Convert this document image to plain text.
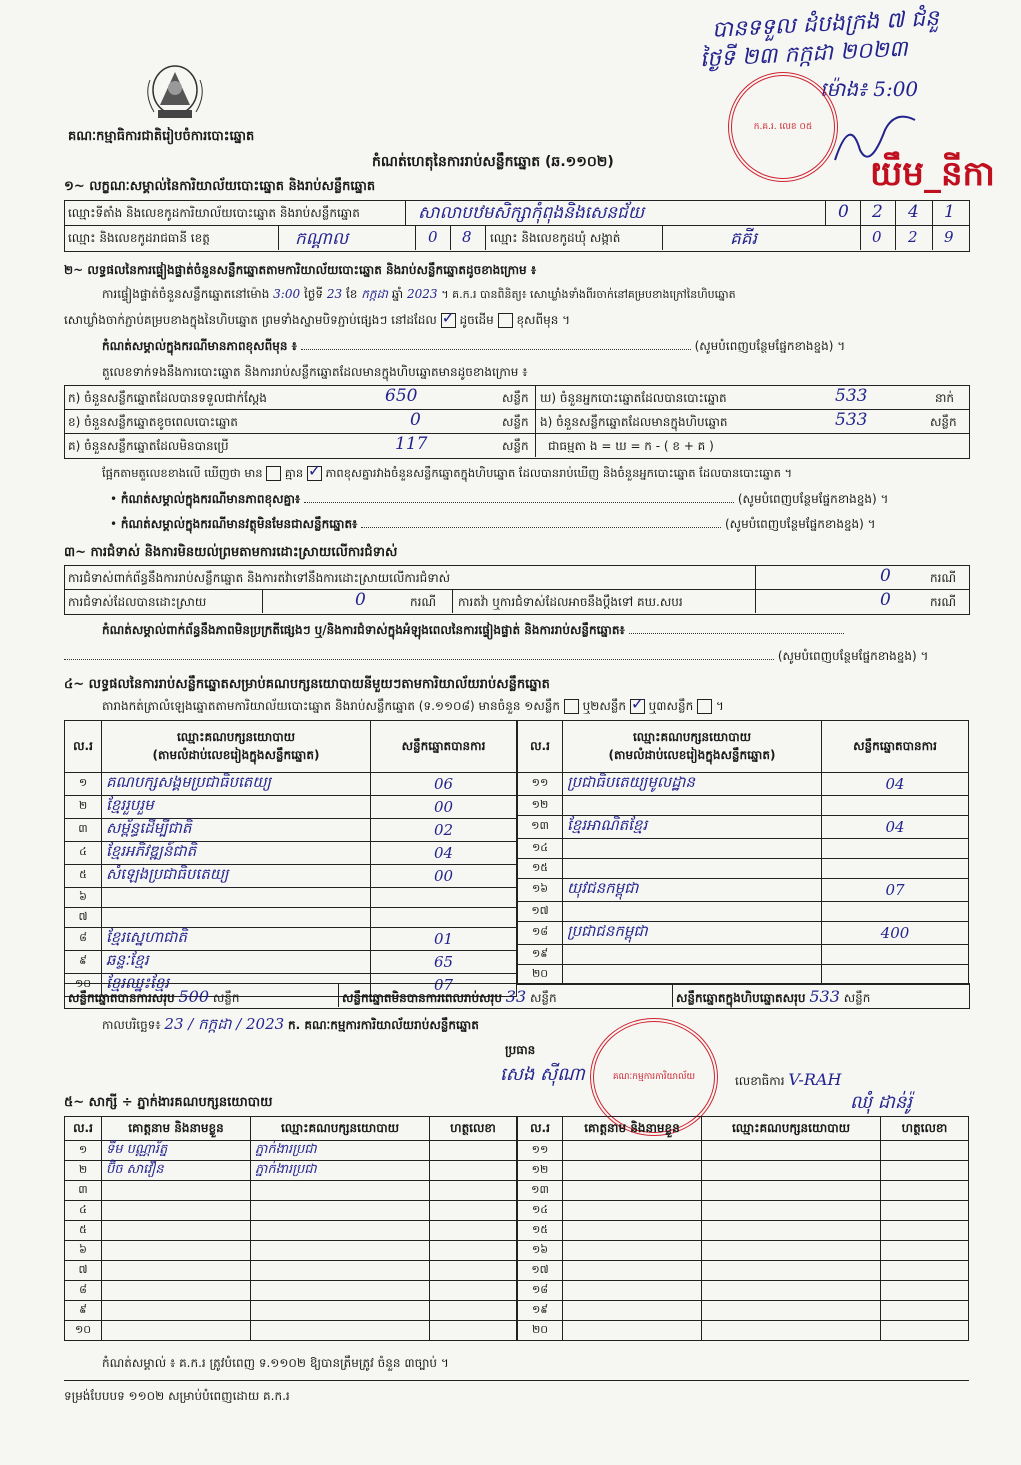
គណៈកម្មាធិការជាតិរៀបចំការបោះឆ្នោត
កំណត់ហេតុនៃការរាប់សន្លឹកឆ្នោត (ឆ.១១០២)
បានទទួល ដំបងក្រង ៧ ជំនួ
ថ្ងៃទី ២៣ កក្កដា ២០២៣
ម៉ោង៖ 5:00
ក.គ.រ. លេខ ០៥
យឹម_នីកា
១~ លក្ខណៈសម្គាល់នៃការិយាល័យបោះឆ្នោត និងរាប់សន្លឹកឆ្នោត
ឈ្មោះទីតាំង និងលេខកូដការិយាល័យបោះឆ្នោត និងរាប់សន្លឹកឆ្នោត	សាលាបឋមសិក្សាកុំពុងនិងសេនជ័យ	0 2 4 1
ឈ្មោះ និងលេខកូដរាជធានី ខេត្ត	កណ្តាល	0 8 ឈ្មោះ និងលេខកូដឃុំ សង្កាត់	គគីរ	0 2 9
២~ លទ្ធផលនៃការផ្ទៀងផ្ទាត់ចំនួនសន្លឹកឆ្នោតតាមការិយាល័យបោះឆ្នោត និងរាប់សន្លឹកឆ្នោតដូចខាងក្រោម ៖
ការផ្ទៀងផ្ទាត់ចំនួនសន្លឹកឆ្នោតនៅម៉ោង 3:00 ថ្ងៃទី 23 ខែ កក្កដា ឆ្នាំ 2023 ។ គ.ក.រ បានពិនិត្យ៖ សោឃ្លាំងទាំងពីរចាក់នៅគម្របខាងក្រៅនៃហិបឆ្នោត
សោឃ្លាំងចាក់ភ្ជាប់គម្របខាងក្នុងនៃហិបឆ្នោត ព្រមទាំងស្នាមបិទភ្ជាប់ផ្សេងៗ នៅដដែល ✓ ដូចដើម ខុសពីមុន ។
កំណត់សម្គាល់ក្នុងករណីមានភាពខុសពីមុន ៖	(សូមបំពេញបន្ថែមផ្នែកខាងខ្នង) ។
តួលេខទាក់ទងនឹងការបោះឆ្នោត និងការរាប់សន្លឹកឆ្នោតដែលមានក្នុងហិបឆ្នោតមានដូចខាងក្រោម ៖
ក) ចំនួនសន្លឹកឆ្នោតដែលបានទទួលជាក់ស្តែង	650	សន្លឹក
ខ) ចំនួនសន្លឹកឆ្នោតខូចពេលបោះឆ្នោត	0	សន្លឹក
គ) ចំនួនសន្លឹកឆ្នោតដែលមិនបានប្រើ	117	សន្លឹក
ឃ) ចំនួនអ្នកបោះឆ្នោតដែលបានបោះឆ្នោត	533	នាក់
ង) ចំនួនសន្លឹកឆ្នោតដែលមានក្នុងហិបឆ្នោត	533	សន្លឹក
ជាធម្មតា ង = ឃ = ក - ( ខ + គ )
ផ្អែកតាមតួលេខខាងលើ ឃើញថា មាន គ្មាន ✓ ភាពខុសគ្នារវាងចំនួនសន្លឹកឆ្នោតក្នុងហិបឆ្នោត ដែលបានរាប់ឃើញ និងចំនួនអ្នកបោះឆ្នោត ដែលបានបោះឆ្នោត ។
• កំណត់សម្គាល់ក្នុងករណីមានភាពខុសគ្នា៖	(សូមបំពេញបន្ថែមផ្នែកខាងខ្នង) ។
• កំណត់សម្គាល់ក្នុងករណីមានវត្ថុមិនមែនជាសន្លឹកឆ្នោត៖	(សូមបំពេញបន្ថែមផ្នែកខាងខ្នង) ។
៣~ ការជំទាស់ និងការមិនយល់ព្រមតាមការដោះស្រាយលើការជំទាស់
ការជំទាស់ពាក់ព័ន្ធនឹងការរាប់សន្លឹកឆ្នោត និងការតវ៉ាទៅនឹងការដោះស្រាយលើការជំទាស់	0	ករណី
ការជំទាស់ដែលបានដោះស្រាយ	0	ករណី ការតវ៉ា ឬការជំទាស់ដែលអាចនឹងប្តឹងទៅ គឃ.សបរ	0	ករណី
កំណត់សម្គាល់ពាក់ព័ន្ធនឹងភាពមិនប្រក្រតីផ្សេងៗ ឬ/និងការជំទាស់ក្នុងអំឡុងពេលនៃការផ្ទៀងផ្ទាត់ និងការរាប់សន្លឹកឆ្នោត៖
(សូមបំពេញបន្ថែមផ្នែកខាងខ្នង) ។
៤~ លទ្ធផលនៃការរាប់សន្លឹកឆ្នោតសម្រាប់គណបក្សនយោបាយនីមួយៗតាមការិយាល័យរាប់សន្លឹកឆ្នោត
តារាងកត់ត្រាលំឡេងឆ្នោតតាមការិយាល័យបោះឆ្នោត និងរាប់សន្លឹកឆ្នោត (ទ.១១០៨) មានចំនួន ១សន្លឹក ឬ២សន្លឹក ✓ ឬ៣សន្លឹក  ។
ល.រ	ឈ្មោះគណបក្សនយោបាយ
(តាមលំដាប់លេខរៀងក្នុងសន្លឹកឆ្នោត)	សន្លឹកឆ្នោតបានការ
១	គណបក្សសង្គមប្រជាធិបតេយ្យ	06
២	ខ្មែររួបរួម	00
៣	សម្ព័ន្ធដើម្បីជាតិ	02
៤	ខ្មែរអភិវឌ្ឍន៍ជាតិ	04
៥	សំឡេងប្រជាធិបតេយ្យ	00
៦		
៧		
៨	ខ្មែរស្នេហាជាតិ	01
៩	ឆន្ទៈខ្មែរ	65
១០	ខ្មែរឈ្នះខ្មែរ	07
ល.រ	ឈ្មោះគណបក្សនយោបាយ
(តាមលំដាប់លេខរៀងក្នុងសន្លឹកឆ្នោត)	សន្លឹកឆ្នោតបានការ
១១	ប្រជាធិបតេយ្យមូលដ្ឋាន	04
១២		
១៣	ខ្មែរអាណិតខ្មែរ	04
១៤		
១៥		
១៦	យុវជនកម្ពុជា	07
១៧		
១៨	ប្រជាជនកម្ពុជា	400
១៩		
២០		
សន្លឹកឆ្នោតបានការសរុប 500 សន្លឹក	សន្លឹកឆ្នោតមិនបានការពេលរាប់សរុប 33 សន្លឹក	សន្លឹកឆ្នោតក្នុងហិបឆ្នោតសរុប 533 សន្លឹក
កាលបរិច្ឆេទ៖ 23 / កក្កដា / 2023 ក. គណៈកម្មការការិយាល័យរាប់សន្លឹកឆ្នោត
ប្រធាន
សេង សុីណា	គណៈកម្មការការិយាល័យ	លេខាធិការ V-RAH
ឈុំ ដាន់រ៉ូ
៥~ សាក្សី ÷ ភ្នាក់ងារគណបក្សនយោបាយ
ល.រ	គោត្តនាម និងនាមខ្លួន	ឈ្មោះគណបក្សនយោបាយ	ហត្ថលេខា
១	ទឹម បណ្ណារ័ត្ន	ភ្នាក់ងារប្រជា	
២	ប៊ិច សាវឿន	ភ្នាក់ងារប្រជា	
៣			
៤			
៥			
៦			
៧			
៨			
៩			
១០			
ល.រ	គោត្តនាម និងនាមខ្លួន	ឈ្មោះគណបក្សនយោបាយ	ហត្ថលេខា
១១			
១២			
១៣			
១៤			
១៥			
១៦			
១៧			
១៨			
១៩			
២០			
កំណត់សម្គាល់ ៖ គ.ក.រ ត្រូវបំពេញ ទ.១១០២ ឱ្យបានត្រឹមត្រូវ ចំនួន ៣ច្បាប់ ។
ទម្រង់បែបបទ ១១០២ សម្រាប់បំពេញដោយ គ.ក.រ
